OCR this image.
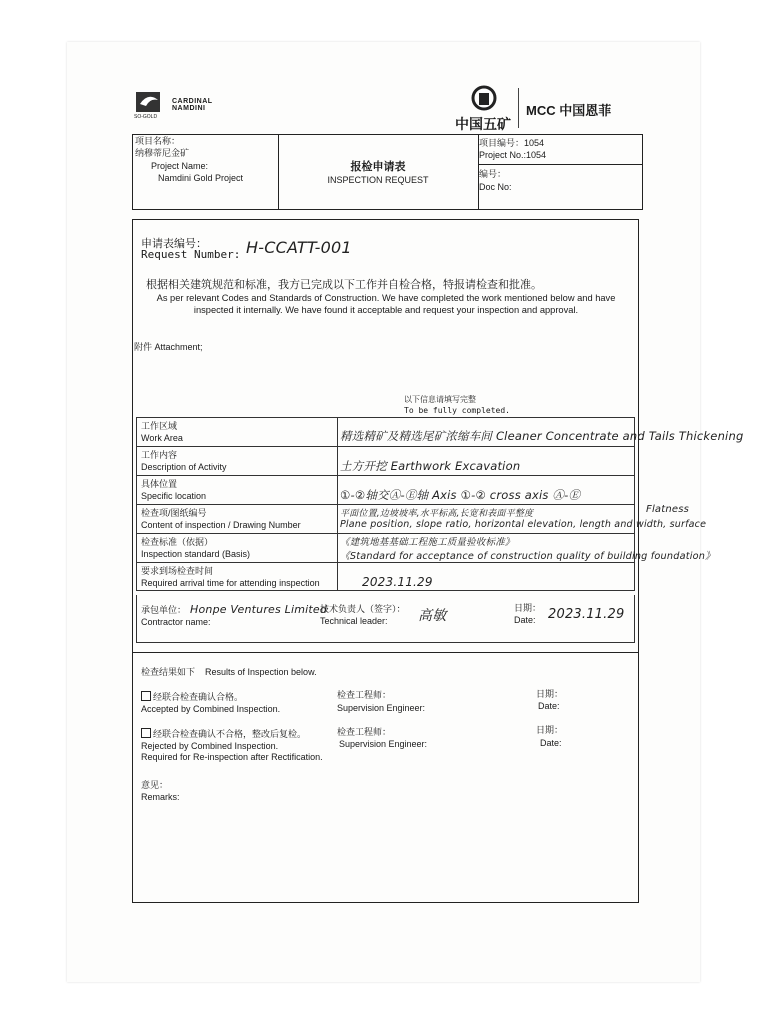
CARDINAL NAMDINI
SO-GOLD	中国五矿
MCC 中国恩菲
项目名称：
纳穆蒂尼金矿
Project Name:
Namdini Gold Project
报检申请表
INSPECTION REQUEST
项目编号：1054
Project No.:1054
编号：
Doc No:
申请表编号：
Request Number: H-CCATT-001
根据相关建筑规范和标准，我方已完成以下工作并自检合格，特报请检查和批准。
As per relevant Codes and Standards of Construction. We have completed the work mentioned below and have
inspected it internally. We have found it acceptable and request your inspection and approval.
附件 Attachment;
以下信息请填写完整
To be fully completed.
工作区域
Work Area
工作内容
Description of Activity
具体位置
Specific location
检查项/图纸编号
Content of inspection / Drawing Number
检查标准（依据）
Inspection standard (Basis)
要求到场检查时间
Required arrival time for attending inspection
精选精矿及精选尾矿浓缩车间 Cleaner Concentrate and Tails Thickening
土方开挖 Earthwork Excavation
①-②轴交Ⓐ-Ⓔ轴 Axis ①-② cross axis Ⓐ-Ⓔ
平面位置,边坡坡率,水平标高,长宽和表面平整度
Plane position, slope ratio, horizontal elevation, length and width, surface
Flatness
《建筑地基基础工程施工质量验收标准》
《Standard for acceptance of construction quality of building foundation》
2023.11.29
承包单位：
Contractor name:
Honpe Ventures Limited
技术负责人（签字）：
Technical leader: 高敏	日期：
Date: 2023.11.29
检查结果如下    Results of Inspection below.
经联合检查确认合格。
Accepted by Combined Inspection.
检查工程师：
Supervision Engineer:
日期：
Date:
经联合检查确认不合格，整改后复检。
Rejected by Combined Inspection.
Required for Re-inspection after Rectification.
检查工程师：
Supervision Engineer:
日期：
Date:
意见：
Remarks:
